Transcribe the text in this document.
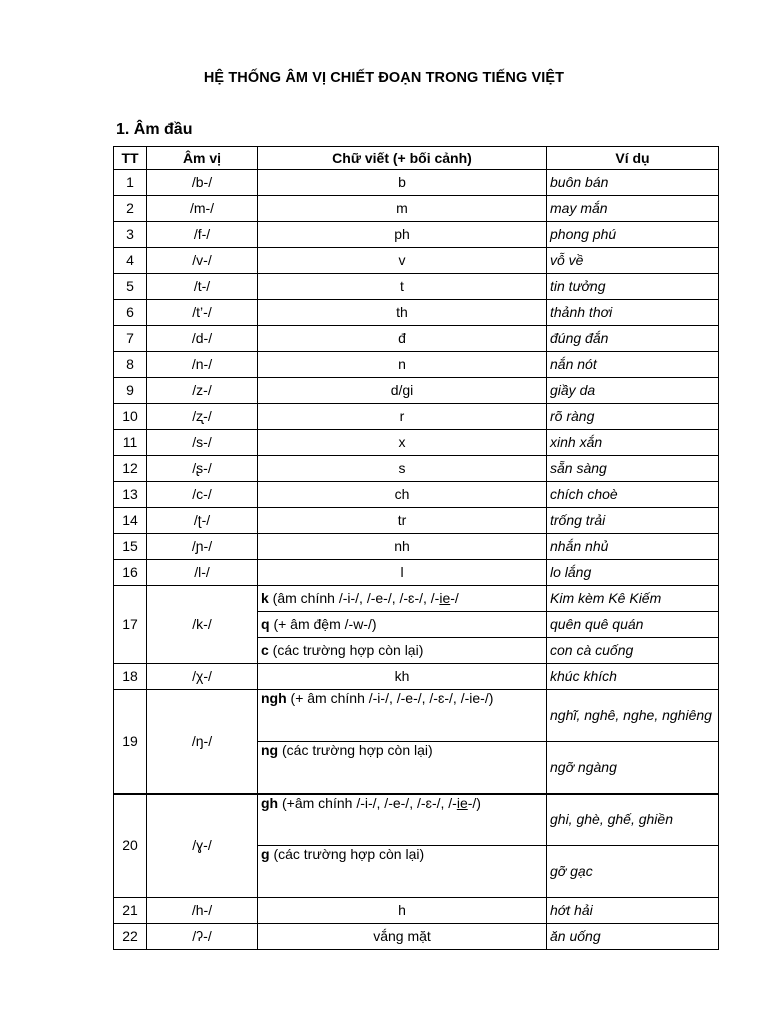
HỆ THỐNG ÂM VỊ CHIẾT ĐOẠN TRONG TIẾNG VIỆT
1. Âm đầu
TT	Âm vị	Chữ viết (+ bối cảnh)	Ví dụ
1	/b-/	b	buôn bán
2	/m-/	m	may mắn
3	/f-/	ph	phong phú
4	/v-/	v	vỗ về
5	/t-/	t	tin tưởng
6	/t’-/	th	thảnh thơi
7	/d-/	đ	đúng đắn
8	/n-/	n	nắn nót
9	/z-/	d/gi	giầy da
10	/ʐ-/	r	rõ ràng
11	/s-/	x	xinh xắn
12	/ʂ-/	s	sẵn sàng
13	/c-/	ch	chích choè
14	/ʈ-/	tr	trống trải
15	/ɲ-/	nh	nhắn nhủ
16	/l-/	l	lo lắng
17	/k-/	k (âm chính /-i-/, /-e-/, /-ɛ-/, /-ie-/	Kim kèm Kê Kiếm
		q (+ âm đệm /-w-/)	quên quê quán
		c (các trường hợp còn lại)	con cà cuống
18	/χ-/	kh	khúc khích
19	/ŋ-/	ngh (+ âm chính /-i-/, /-e-/, /-ɛ-/, /-ie-/)	nghĩ, nghê, nghe, nghiêng
		ng (các trường hợp còn lại)	ngỡ ngàng
20	/ɣ-/	gh (+âm chính /-i-/, /-e-/, /-ɛ-/, /-ie-/)	ghi, ghè, ghế, ghiền
		g (các trường hợp còn lại)	gỡ gạc
21	/h-/	h	hớt hải
22	/ʔ-/	vắng mặt	ăn uống
